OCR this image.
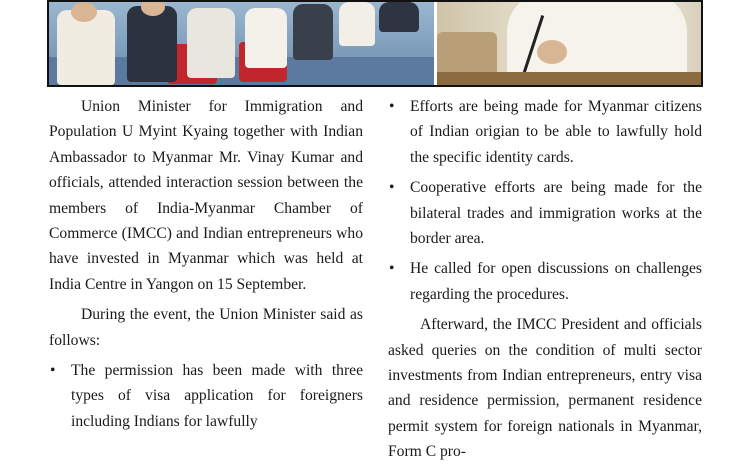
Union Minister for Immigration and Population U Myint Kyaing together with Indian Ambassador to Myanmar Mr. Vinay Kumar and officials, attended interaction session between the members of India-Myanmar Chamber of Commerce (IMCC) and Indian entrepreneurs who have invested in Myanmar which was held at India Centre in Yangon on 15 September.

During the event, the Union Minister said as follows:

• The permission has been made with three types of visa application for foreigners including Indians for lawfully
• Efforts are being made for Myanmar citizens of Indian origian to be able to lawfully hold the specific identity cards.
• Cooperative efforts are being made for the bilateral trades and immigration works at the border area.
• He called for open discussions on challenges regarding the procedures.

Afterward, the IMCC President and officials asked queries on the condition of multi sector investments from Indian entrepreneurs, entry visa and residence permission, permanent residence permit system for foreign nationals in Myanmar, Form C pro-
